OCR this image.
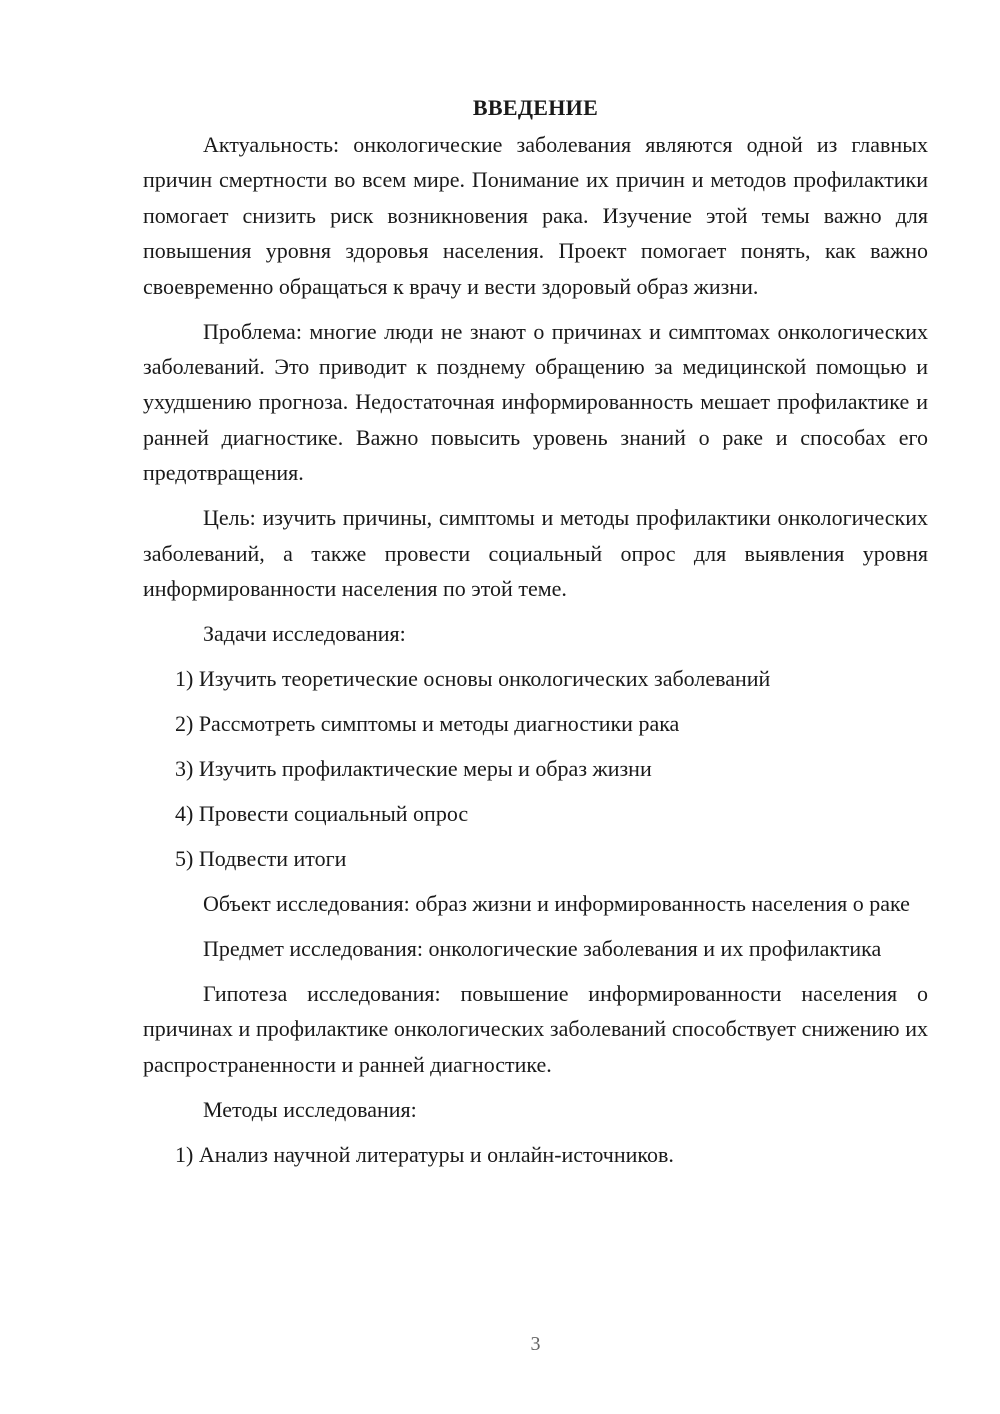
ВВЕДЕНИЕ

Актуальность: онкологические заболевания являются одной из главных причин смертности во всем мире. Понимание их причин и методов профилактики помогает снизить риск возникновения рака. Изучение этой темы важно для повышения уровня здоровья населения. Проект помогает понять, как важно своевременно обращаться к врачу и вести здоровый образ жизни.

Проблема: многие люди не знают о причинах и симптомах онкологических заболеваний. Это приводит к позднему обращению за медицинской помощью и ухудшению прогноза. Недостаточная информированность мешает профилактике и ранней диагностике. Важно повысить уровень знаний о раке и способах его предотвращения.

Цель: изучить причины, симптомы и методы профилактики онкологических заболеваний, а также провести социальный опрос для выявления уровня информированности населения по этой теме.

Задачи исследования:

1) Изучить теоретические основы онкологических заболеваний
2) Рассмотреть симптомы и методы диагностики рака
3) Изучить профилактические меры и образ жизни
4) Провести социальный опрос
5) Подвести итоги

Объект исследования: образ жизни и информированность населения о раке

Предмет исследования: онкологические заболевания и их профилактика

Гипотеза исследования: повышение информированности населения о причинах и профилактике онкологических заболеваний способствует снижению их распространенности и ранней диагностике.

Методы исследования:

1) Анализ научной литературы и онлайн-источников.
3
